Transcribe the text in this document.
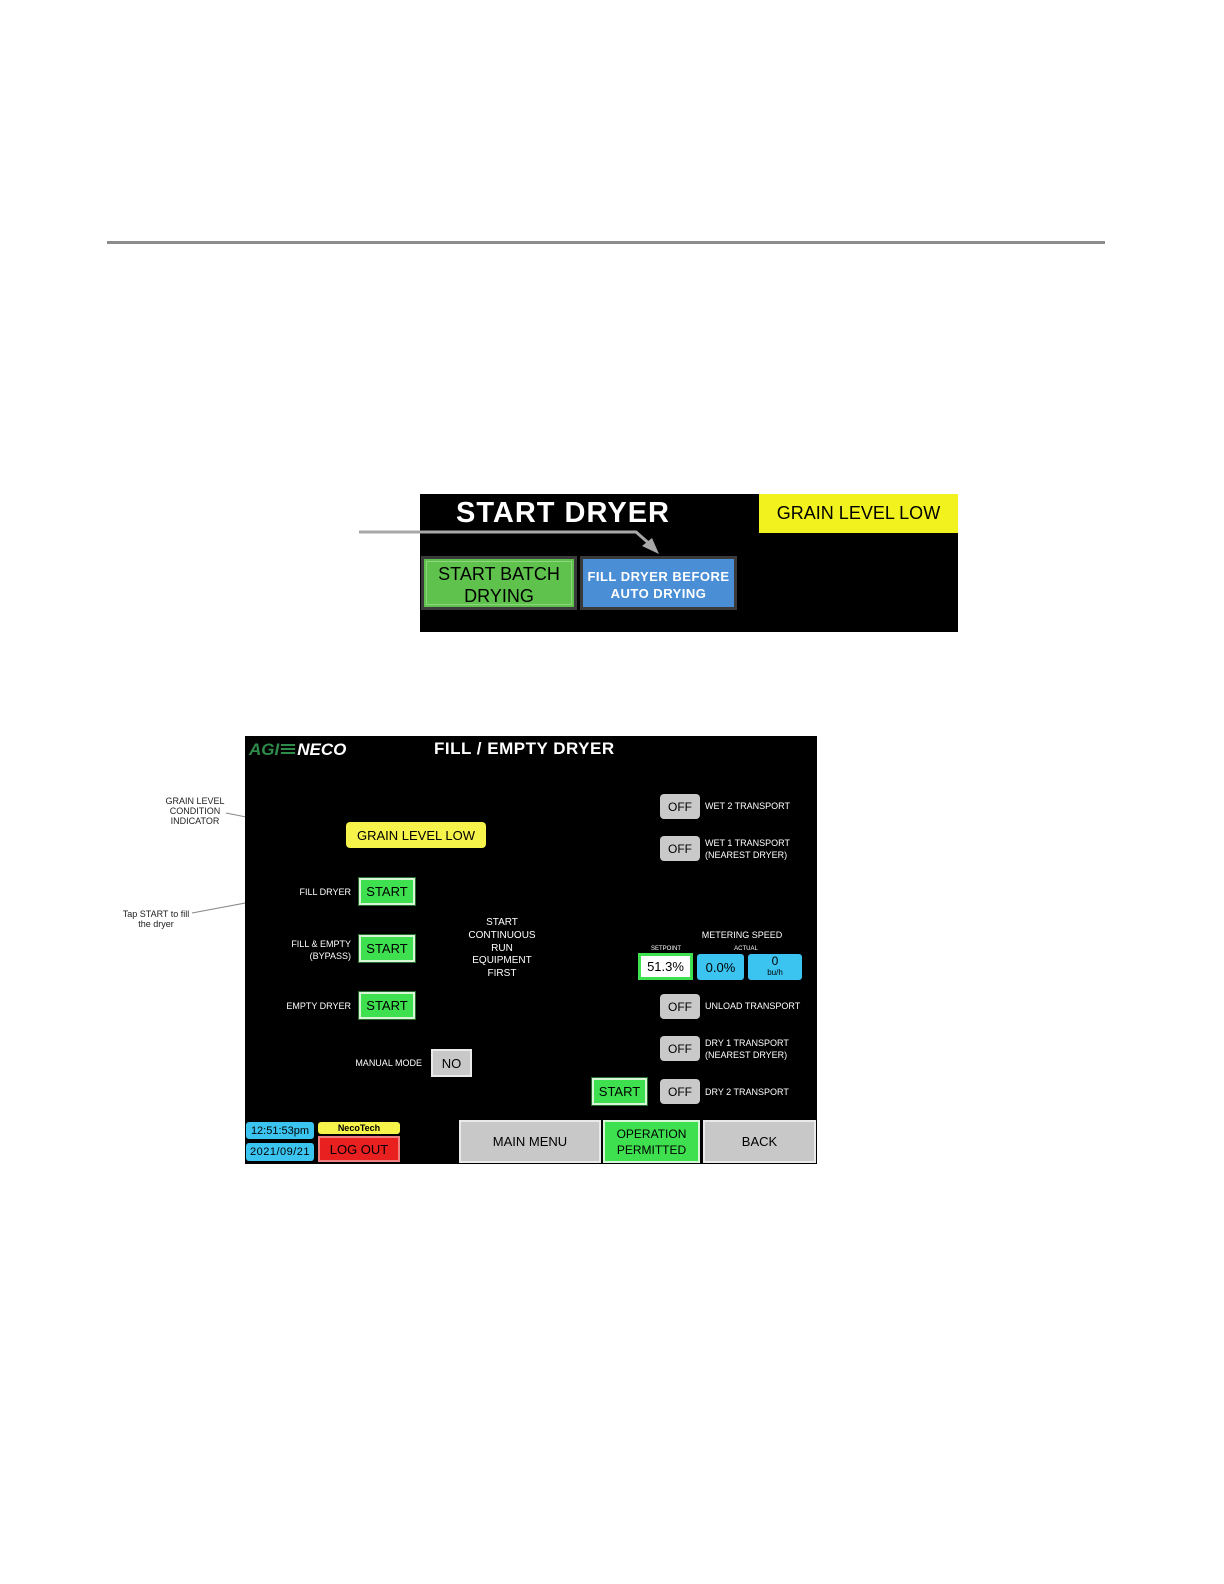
START DRYER	GRAIN LEVEL LOW
START BATCH
DRYING
FILL DRYER BEFORE
AUTO DRYING
AGI NECO	FILL / EMPTY DRYER
GRAIN LEVEL LOW
FILL DRYER	START
FILL & EMPTY
(BYPASS)	START
EMPTY DRYER	START
MANUAL MODE	NO
START
CONTINUOUS
RUN
EQUIPMENT
FIRST
OFF	WET 2 TRANSPORT
OFF	WET 1 TRANSPORT
(NEAREST DRYER)
METERING SPEED
SETPOINT	ACTUAL
51.3%	0.0%	0
bu/h
OFF	UNLOAD TRANSPORT
OFF	DRY 1 TRANSPORT
(NEAREST DRYER)
START	OFF	DRY 2 TRANSPORT
12:51:53pm
2021/09/21
NecoTech
LOG OUT	MAIN MENU
OPERATION
PERMITTED
BACK
GRAIN LEVEL
CONDITION
INDICATOR
Tap START to fill
the dryer
